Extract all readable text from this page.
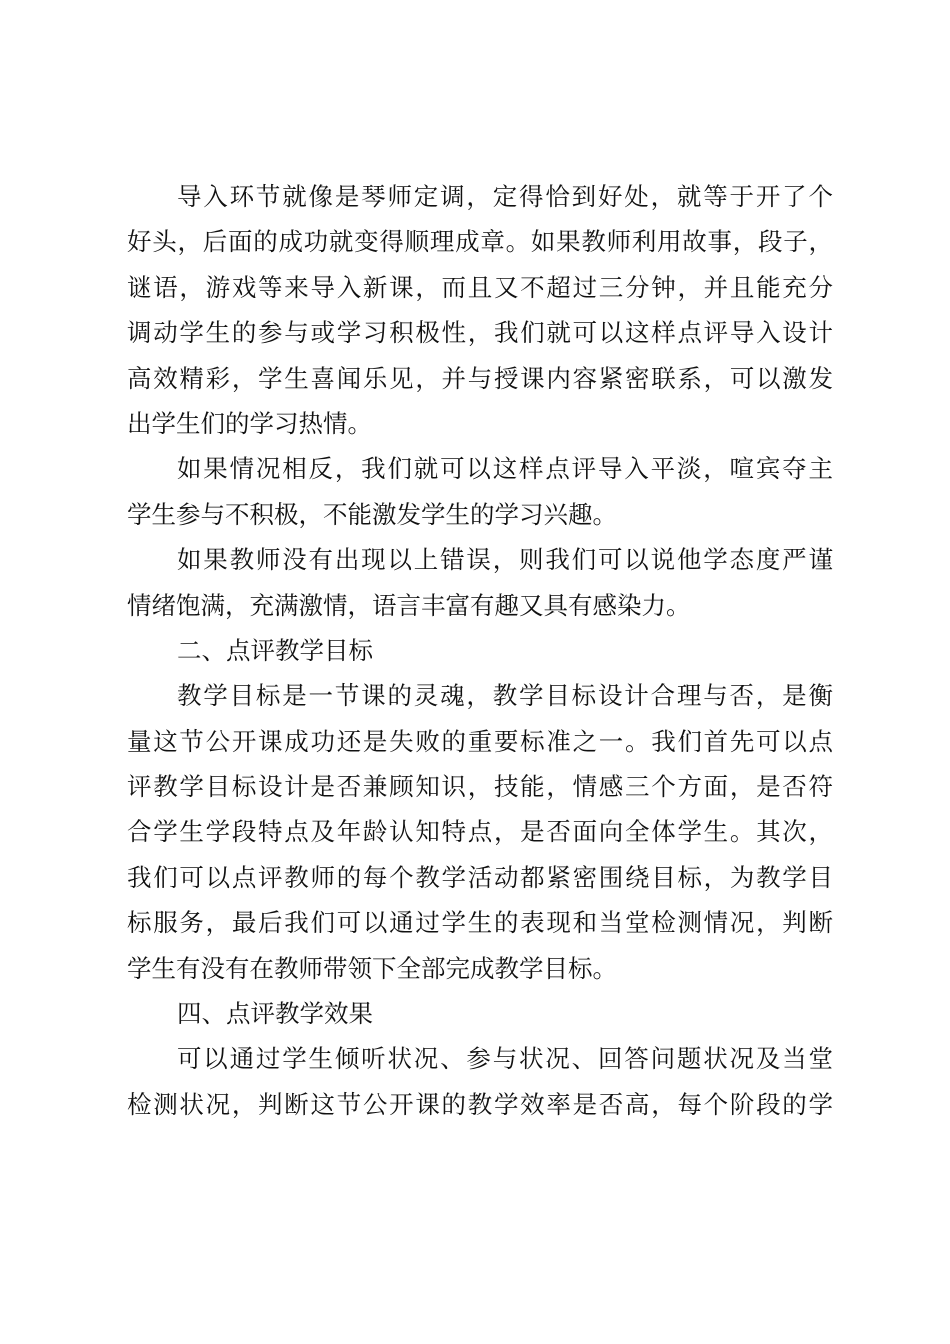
导入环节就像是琴师定调，定得恰到好处，就等于开了个
好头，后面的成功就变得顺理成章。如果教师利用故事，段子，
谜语，游戏等来导入新课，而且又不超过三分钟，并且能充分
调动学生的参与或学习积极性，我们就可以这样点评导入设计
高效精彩，学生喜闻乐见，并与授课内容紧密联系，可以激发
出学生们的学习热情。
如果情况相反，我们就可以这样点评导入平淡，喧宾夺主
学生参与不积极，不能激发学生的学习兴趣。
如果教师没有出现以上错误，则我们可以说他学态度严谨
情绪饱满，充满激情，语言丰富有趣又具有感染力。
二、点评教学目标
教学目标是一节课的灵魂，教学目标设计合理与否，是衡
量这节公开课成功还是失败的重要标准之一。我们首先可以点
评教学目标设计是否兼顾知识，技能，情感三个方面，是否符
合学生学段特点及年龄认知特点，是否面向全体学生。其次，
我们可以点评教师的每个教学活动都紧密围绕目标，为教学目
标服务，最后我们可以通过学生的表现和当堂检测情况，判断
学生有没有在教师带领下全部完成教学目标。
四、点评教学效果
可以通过学生倾听状况、参与状况、回答问题状况及当堂
检测状况，判断这节公开课的教学效率是否高，每个阶段的学
